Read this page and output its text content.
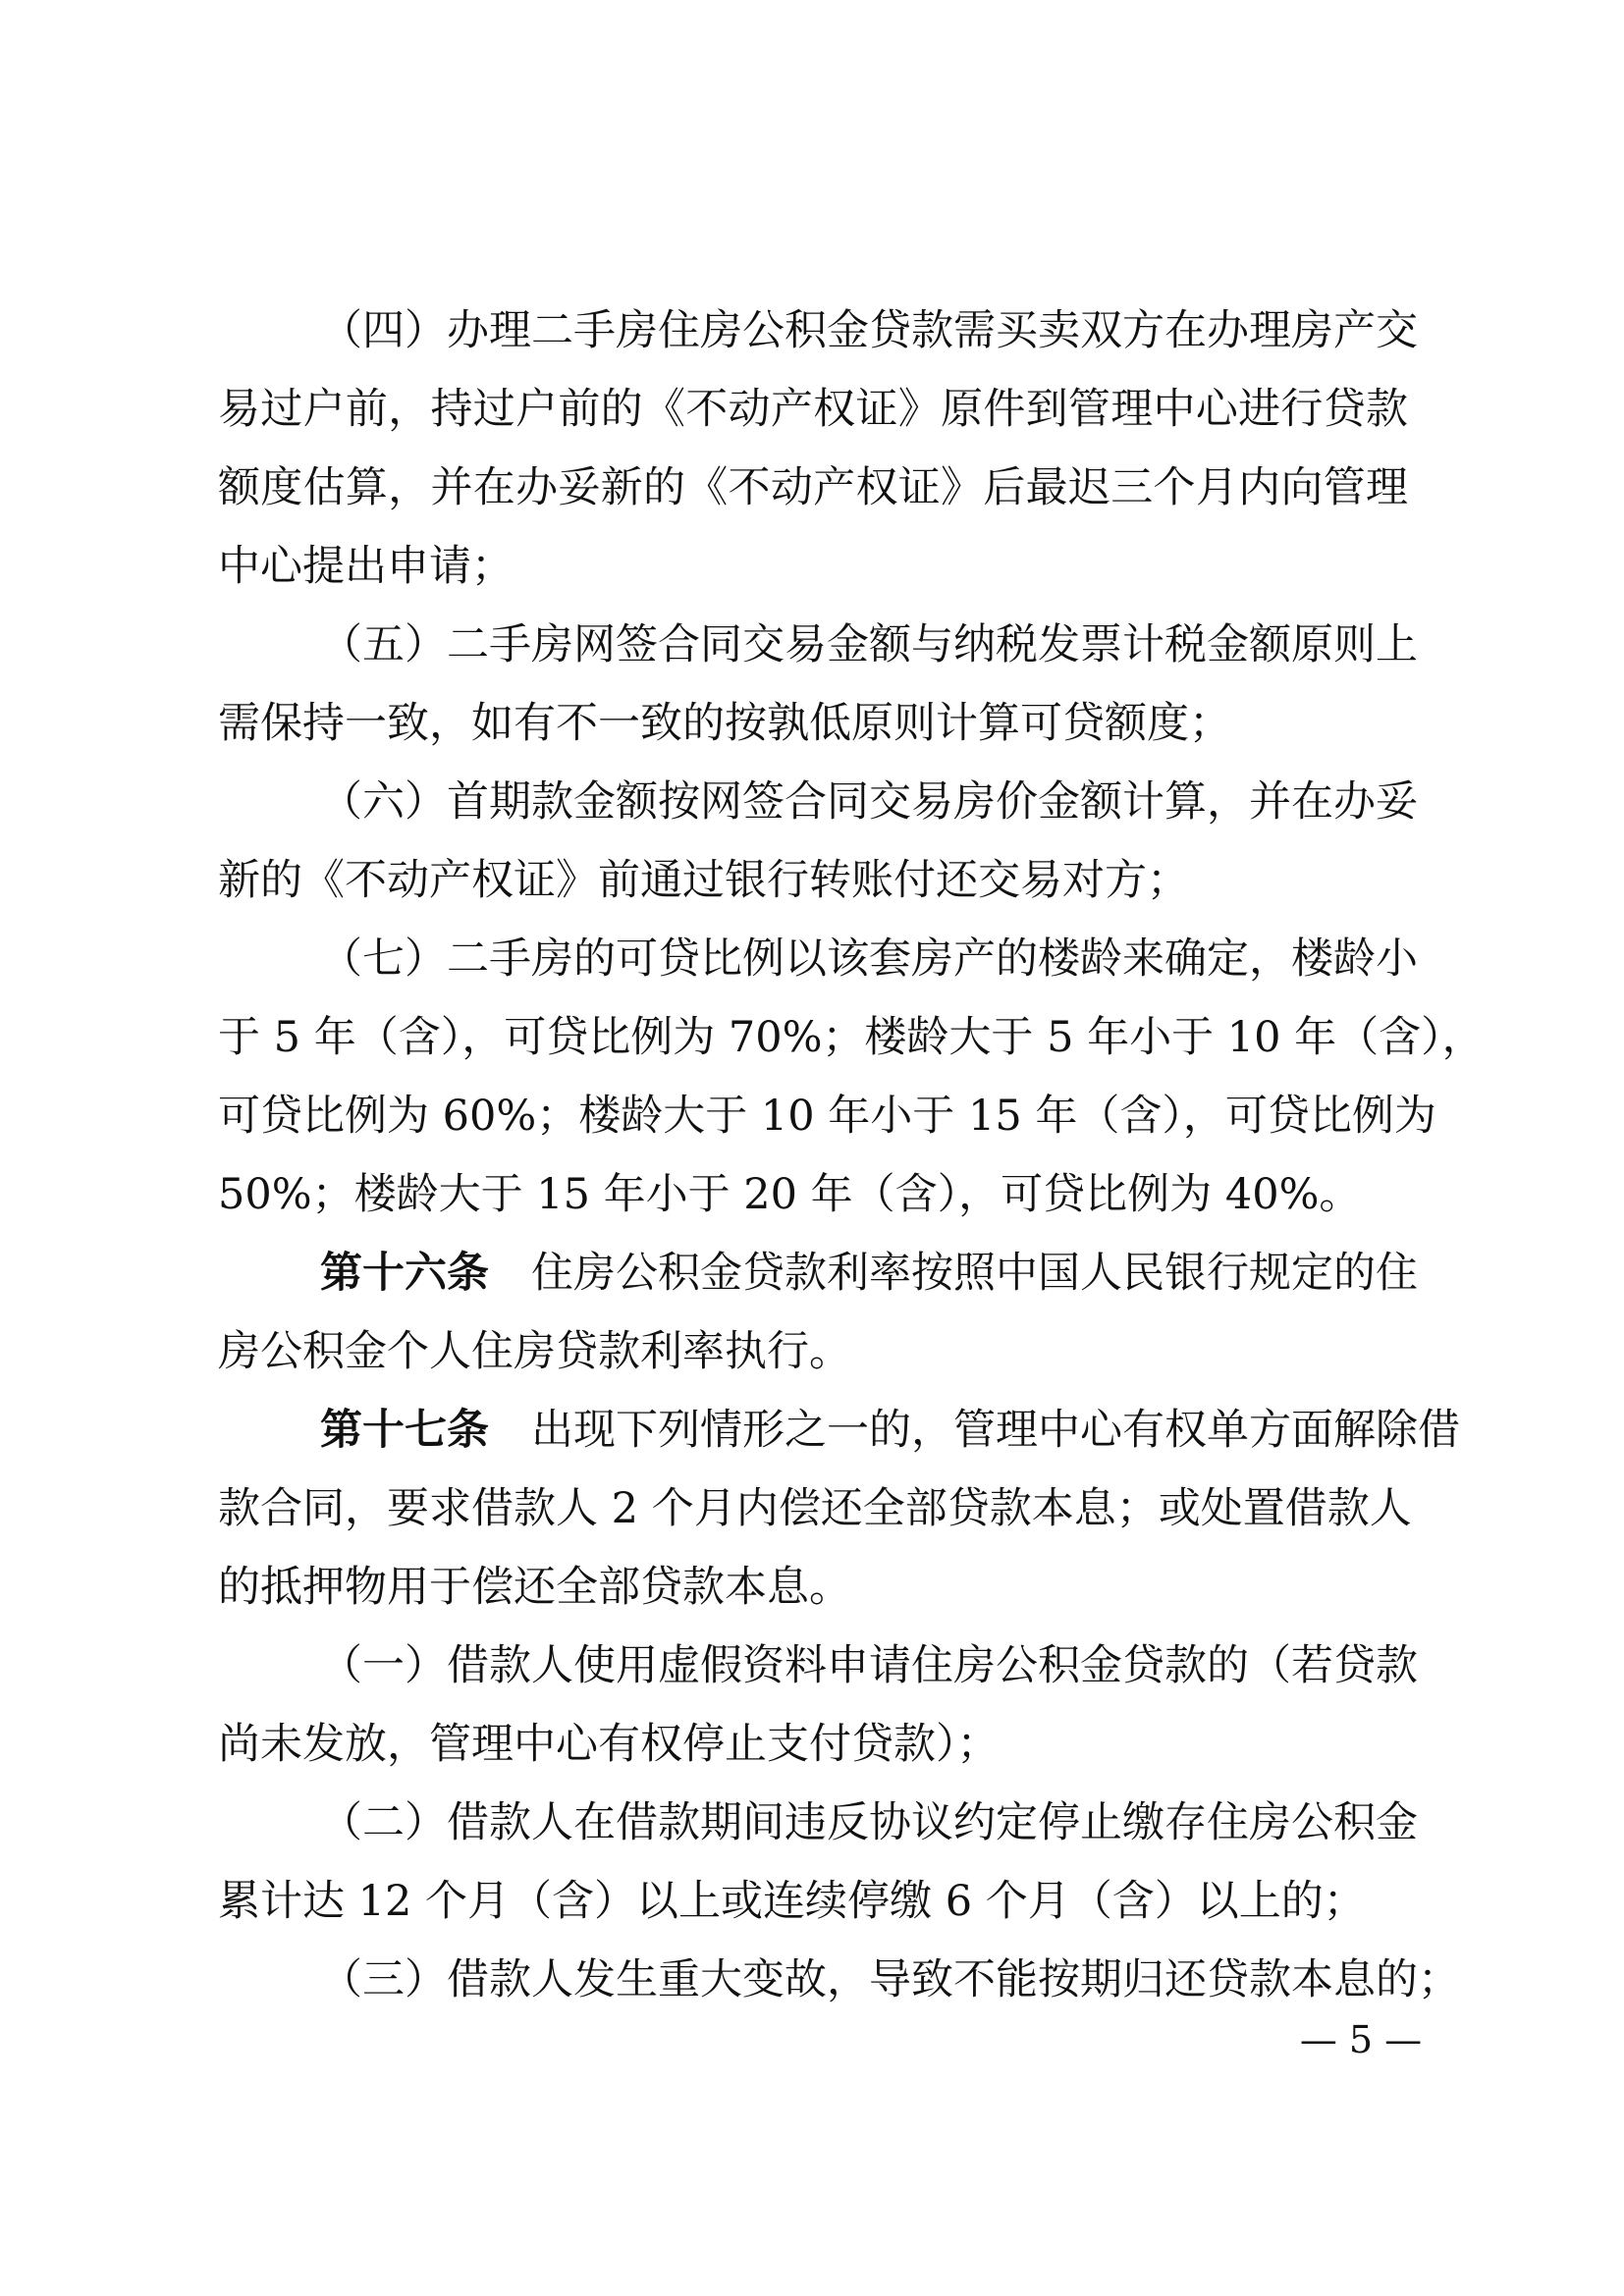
（四）办理二手房住房公积金贷款需买卖双方在办理房产交
易过户前，持过户前的《不动产权证》原件到管理中心进行贷款
额度估算，并在办妥新的《不动产权证》后最迟三个月内向管理
中心提出申请；
（五）二手房网签合同交易金额与纳税发票计税金额原则上
需保持一致，如有不一致的按孰低原则计算可贷额度；
（六）首期款金额按网签合同交易房价金额计算，并在办妥
新的《不动产权证》前通过银行转账付还交易对方；
（七）二手房的可贷比例以该套房产的楼龄来确定，楼龄小
于 5 年（含），可贷比例为 70%；楼龄大于 5 年小于 10 年（含），
可贷比例为 60%；楼龄大于 10 年小于 15 年（含），可贷比例为
50%；楼龄大于 15 年小于 20 年（含），可贷比例为 40%。
第十六条　 住房公积金贷款利率按照中国人民银行规定的住
房公积金个人住房贷款利率执行。
第十七条　 出现下列情形之一的，管理中心有权单方面解除借
款合同，要求借款人 2 个月内偿还全部贷款本息；或处置借款人
的抵押物用于偿还全部贷款本息。
（一）借款人使用虚假资料申请住房公积金贷款的（若贷款
尚未发放，管理中心有权停止支付贷款）；
（二）借款人在借款期间违反协议约定停止缴存住房公积金
累计达 12 个月（含）以上或连续停缴 6 个月（含）以上的；
（三）借款人发生重大变故，导致不能按期归还贷款本息的；
— 5 —
